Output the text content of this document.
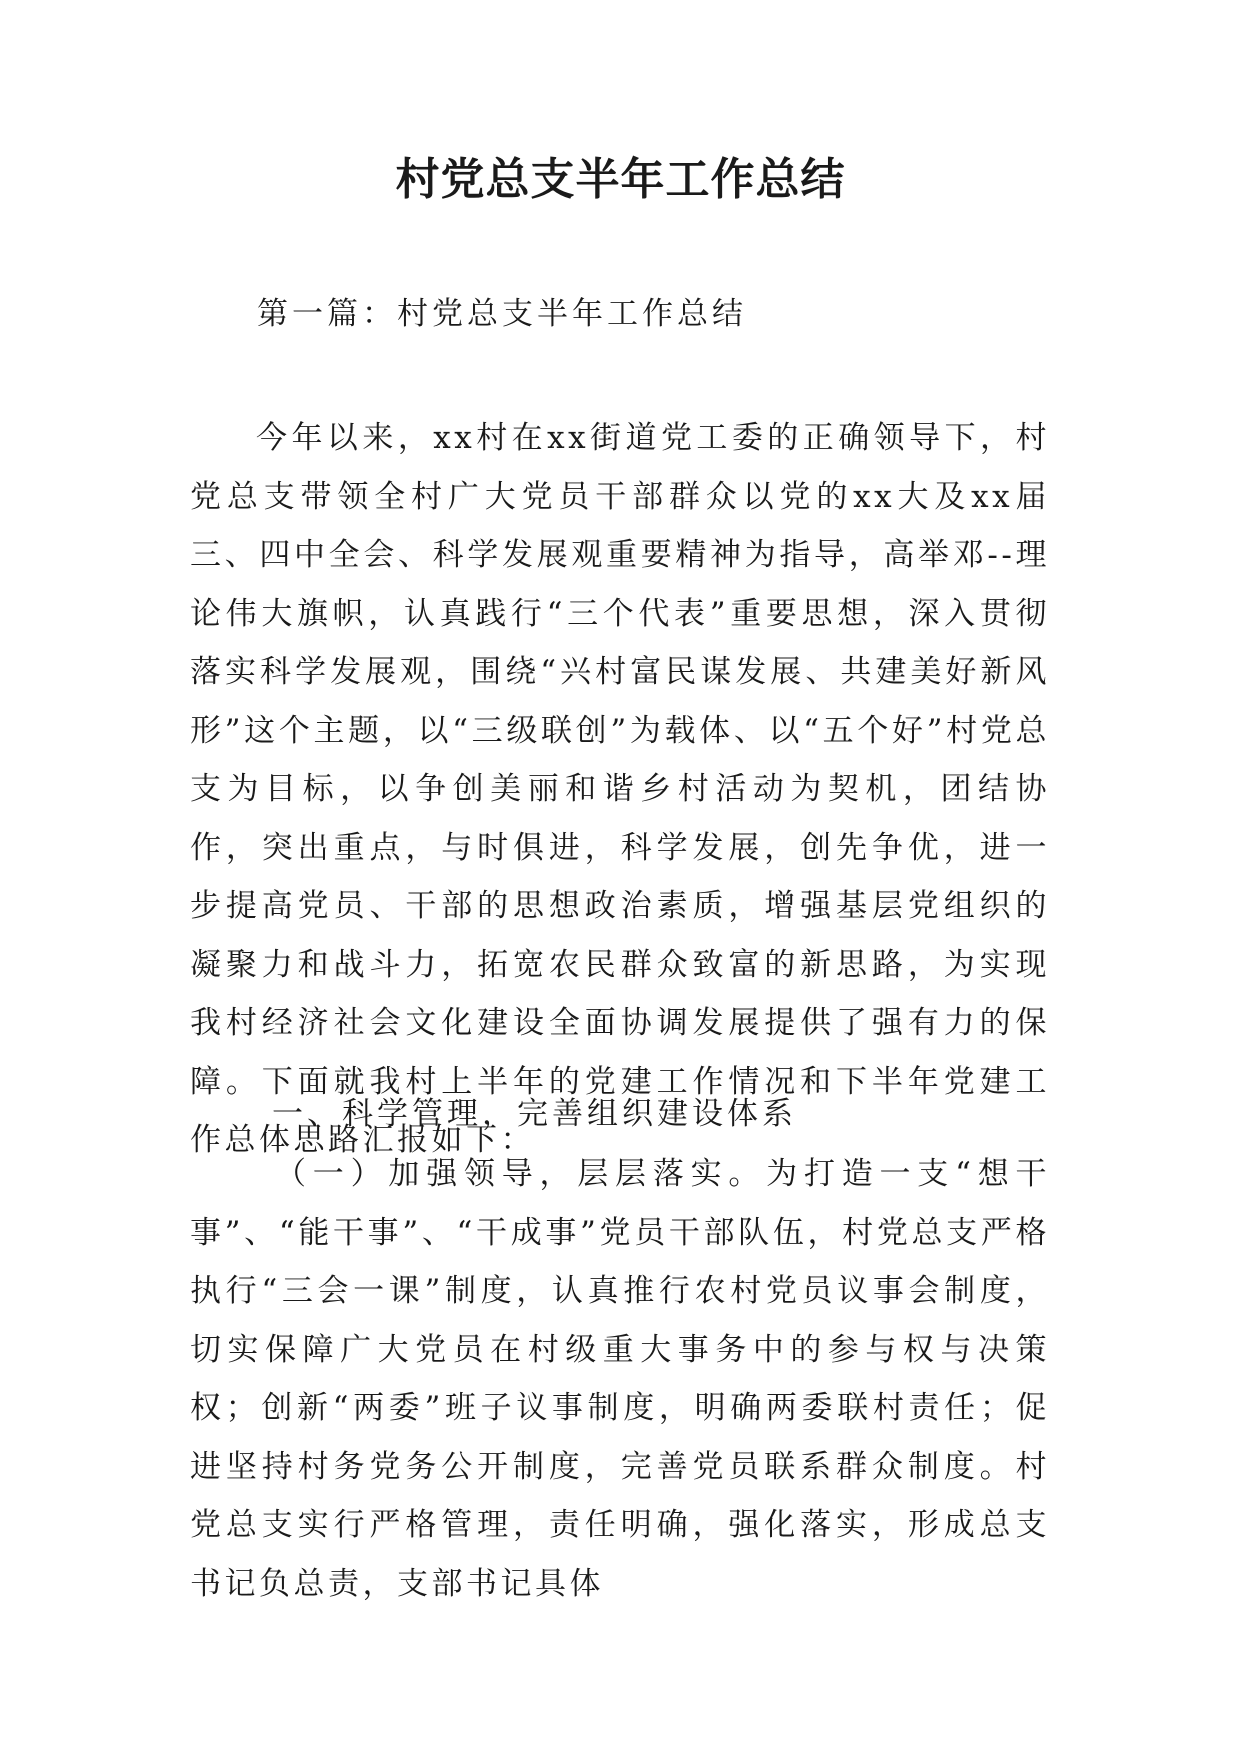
村党总支半年工作总结
第一篇：村党总支半年工作总结
今年以来，xx村在xx街道党工委的正确领导下，村党总支带领全村广大党员干部群众以党的xx大及xx届三、四中全会、科学发展观重要精神为指导，高举邓--理论伟大旗帜，认真践行“三个代表”重要思想，深入贯彻落实科学发展观，围绕“兴村富民谋发展、共建美好新风形”这个主题，以“三级联创”为载体、以“五个好”村党总支为目标，以争创美丽和谐乡村活动为契机，团结协作，突出重点，与时俱进，科学发展，创先争优，进一步提高党员、干部的思想政治素质，增强基层党组织的凝聚力和战斗力，拓宽农民群众致富的新思路，为实现我村经济社会文化建设全面协调发展提供了强有力的保障。下面就我村上半年的党建工作情况和下半年党建工作总体思路汇报如下：
一、科学管理，完善组织建设体系
（一）加强领导，层层落实。为打造一支“想干事”、“能干事”、“干成事”党员干部队伍，村党总支严格执行“三会一课”制度，认真推行农村党员议事会制度，切实保障广大党员在村级重大事务中的参与权与决策权；创新“两委”班子议事制度，明确两委联村责任；促进坚持村务党务公开制度，完善党员联系群众制度。村党总支实行严格管理，责任明确，强化落实，形成总支书记负总责，支部书记具体
